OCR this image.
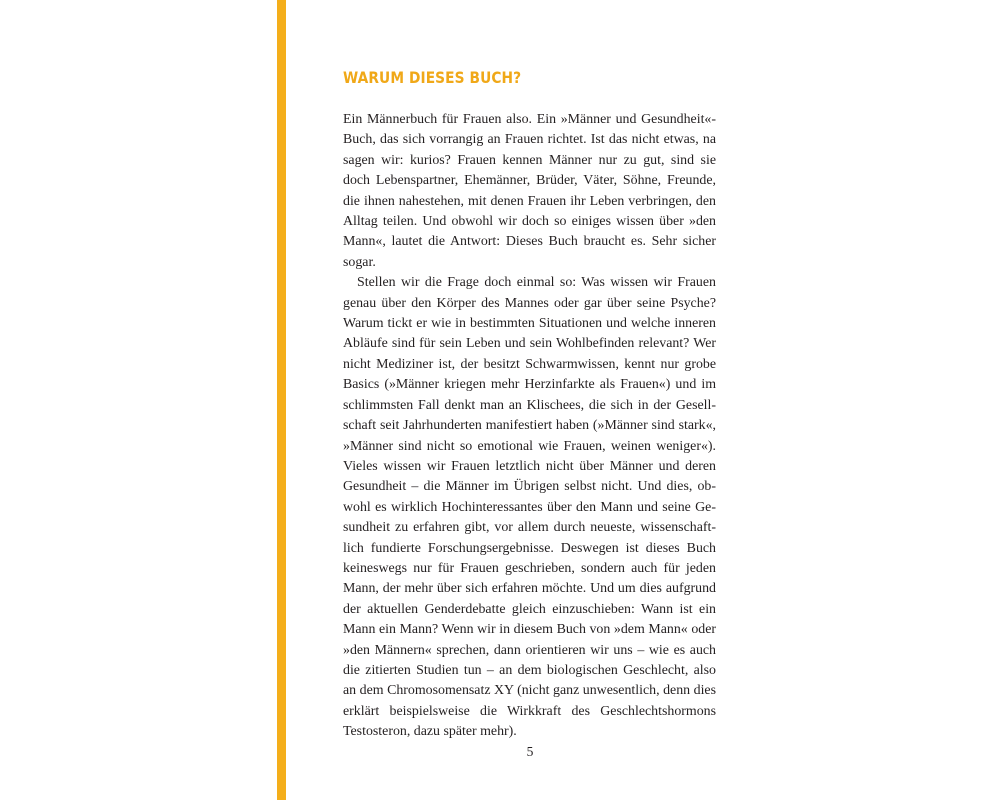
WARUM DIESES BUCH?

Ein Männerbuch für Frauen also. Ein »Männer und Gesundheit«-Buch, das sich vorrangig an Frauen richtet. Ist das nicht etwas, na sagen wir: kurios? Frauen kennen Männer nur zu gut, sind sie doch Lebenspartner, Ehemänner, Brüder, Väter, Söhne, Freunde, die ihnen nahestehen, mit denen Frauen ihr Leben verbringen, den Alltag teilen. Und obwohl wir doch so einiges wissen über »den Mann«, lautet die Antwort: Dieses Buch braucht es. Sehr sicher sogar.

Stellen wir die Frage doch einmal so: Was wissen wir Frauen genau über den Körper des Mannes oder gar über seine Psyche? Warum tickt er wie in bestimmten Situationen und welche inneren Abläufe sind für sein Leben und sein Wohlbefinden relevant? Wer nicht Mediziner ist, der besitzt Schwarmwissen, kennt nur grobe Basics (»Männer kriegen mehr Herzinfarkte als Frauen«) und im schlimmsten Fall denkt man an Klischees, die sich in der Gesellschaft seit Jahrhunderten manifestiert haben (»Männer sind stark«, »Männer sind nicht so emotional wie Frauen, weinen weniger«). Vieles wissen wir Frauen letztlich nicht über Männer und deren Gesundheit – die Männer im Übrigen selbst nicht. Und dies, obwohl es wirklich Hochinteressantes über den Mann und seine Gesundheit zu erfahren gibt, vor allem durch neueste, wissenschaftlich fundierte Forschungsergebnisse. Deswegen ist dieses Buch keineswegs nur für Frauen geschrieben, sondern auch für jeden Mann, der mehr über sich erfahren möchte. Und um dies aufgrund der aktuellen Genderdebatte gleich einzuschieben: Wann ist ein Mann ein Mann? Wenn wir in diesem Buch von »dem Mann« oder »den Männern« sprechen, dann orientieren wir uns – wie es auch die zitierten Studien tun – an dem biologischen Geschlecht, also an dem Chromosomensatz XY (nicht ganz unwesentlich, denn dies erklärt beispielsweise die Wirkkraft des Geschlechtshormons Testosteron, dazu später mehr).

5
